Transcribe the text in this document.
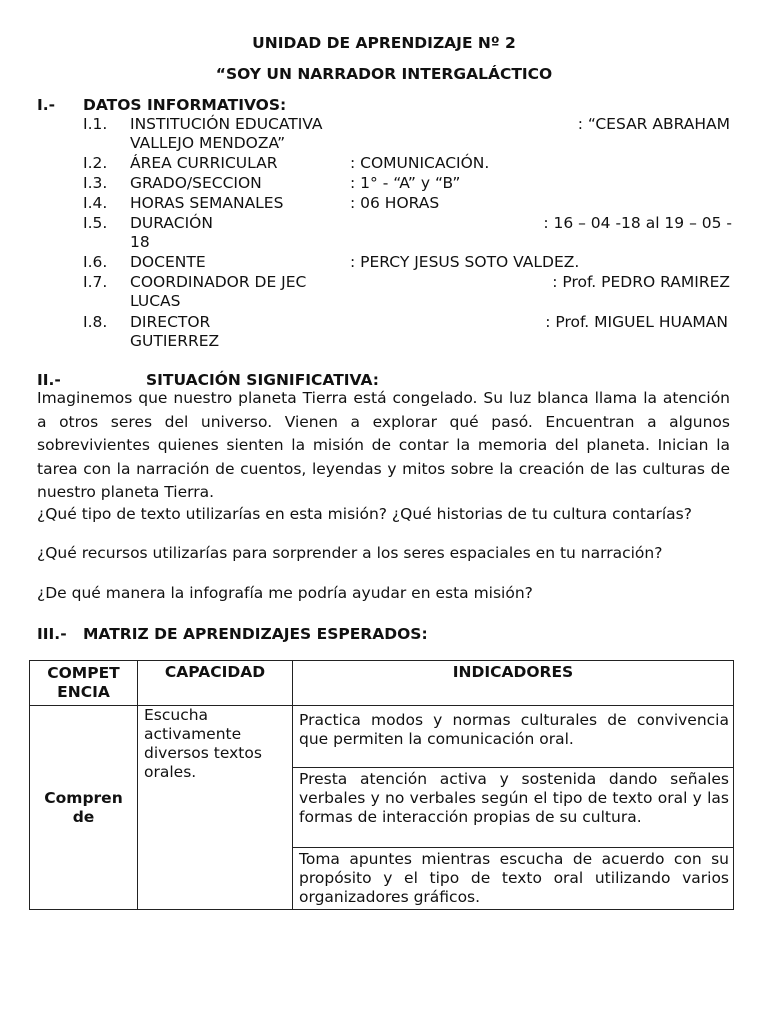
UNIDAD DE APRENDIZAJE Nº 2
“SOY UN NARRADOR INTERGALÁCTICO
I.- DATOS INFORMATIVOS:
I.1. INSTITUCIÓN EDUCATIVA	: “CESAR ABRAHAM
VALLEJO MENDOZA”
I.2. ÁREA CURRICULAR	: COMUNICACIÓN.
I.3. GRADO/SECCION	: 1° - “A” y “B”
I.4. HORAS SEMANALES	: 06 HORAS
I.5. DURACIÓN	: 16 – 04 -18 al 19 – 05 -
18
I.6. DOCENTE	: PERCY JESUS SOTO VALDEZ.
I.7. COORDINADOR DE JEC	: Prof. PEDRO RAMIREZ
LUCAS
I.8. DIRECTOR	: Prof. MIGUEL HUAMAN
GUTIERREZ
II.-	SITUACIÓN SIGNIFICATIVA:

Imaginemos que nuestro planeta Tierra está congelado. Su luz blanca llama la atención a otros seres del universo. Vienen a explorar qué pasó. Encuentran a algunos sobrevivientes quienes sienten la misión de contar la memoria del planeta. Inician la tarea con la narración de cuentos, leyendas y mitos sobre la creación de las culturas de nuestro planeta Tierra.

¿Qué tipo de texto utilizarías en esta misión? ¿Qué historias de tu cultura contarías?
¿Qué recursos utilizarías para sorprender a los seres espaciales en tu narración?
¿De qué manera la infografía me podría ayudar en esta misión?
III.- MATRIZ DE APRENDIZAJES ESPERADOS:
COMPET ENCIA	CAPACIDAD	INDICADORES
Compren de	Escucha activamente diversos textos orales.	Practica modos y normas culturales de convivencia que permiten la comunicación oral.
		Presta atención activa y sostenida dando señales verbales y no verbales según el tipo de texto oral y las formas de interacción propias de su cultura.
		Toma apuntes mientras escucha de acuerdo con su propósito y el tipo de texto oral utilizando varios organizadores gráficos.
